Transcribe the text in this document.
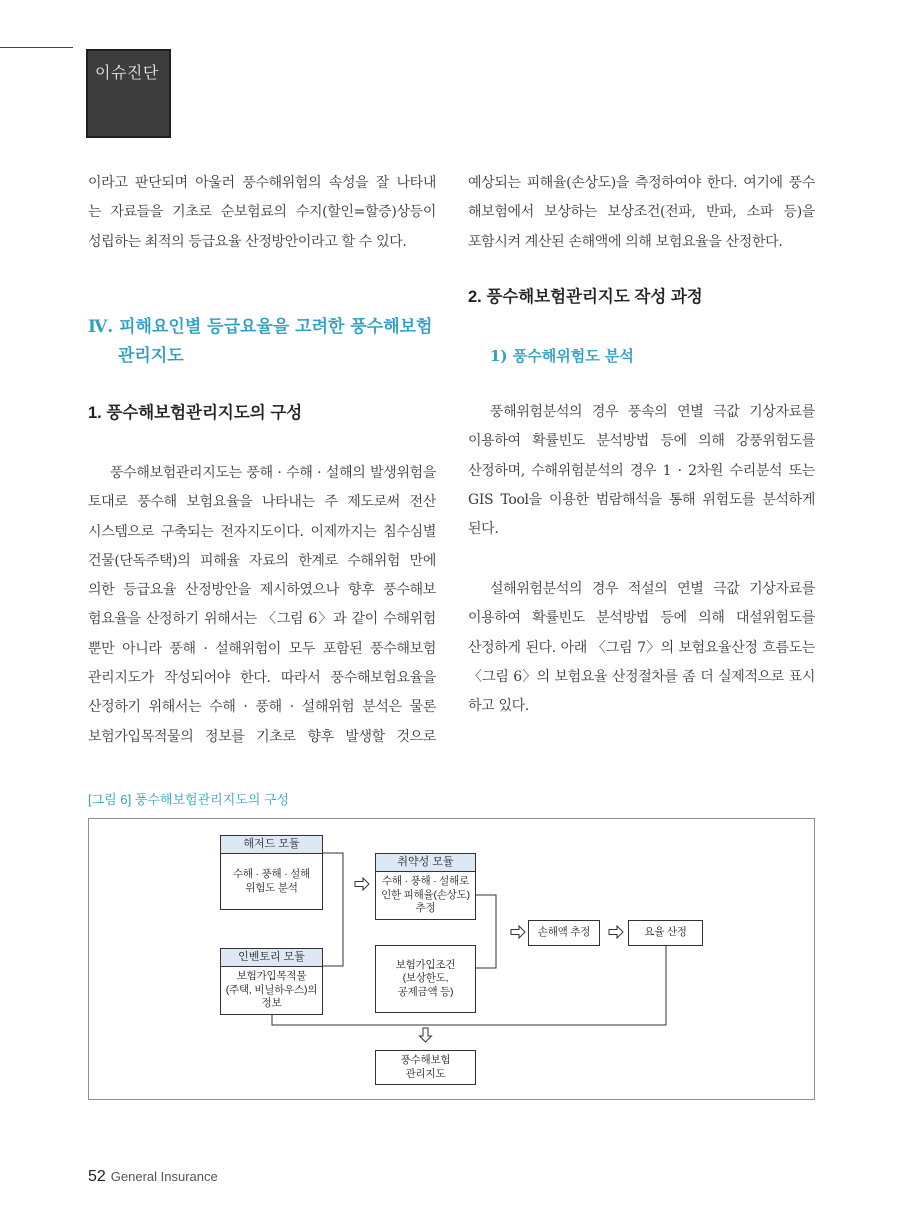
이슈진단
이라고 판단되며 아울러 풍수해위험의 속성을 잘 나타내
는 자료들을 기초로 순보험료의 수지(할인=할증)상등이
성립하는 최적의 등급요율 산정방안이라고 할 수 있다.
Ⅳ. 피해요인별 등급요율을 고려한 풍수해보험
관리지도
1. 풍수해보험관리지도의 구성
풍수해보험관리지도는 풍해 · 수해 · 설해의 발생위험을
토대로 풍수해 보험요율을 나타내는 주 제도로써 전산
시스템으로 구축되는 전자지도이다. 이제까지는 침수심별
건물(단독주택)의 피해율 자료의 한계로 수해위험 만에
의한 등급요율 산정방안을 제시하였으나 향후 풍수해보
험요율을 산정하기 위해서는 〈그림 6〉과 같이 수해위험
뿐만 아니라 풍해 · 설해위험이 모두 포함된 풍수해보험
관리지도가 작성되어야 한다. 따라서 풍수해보험요율을
산정하기 위해서는 수해 · 풍해 · 설해위험 분석은 물론
보험가입목적물의 정보를 기초로 향후 발생할 것으로
예상되는 피해율(손상도)을 측정하여야 한다. 여기에 풍수
해보험에서 보상하는 보상조건(전파, 반파, 소파 등)을
포함시켜 계산된 손해액에 의해 보험요율을 산정한다.
2. 풍수해보험관리지도 작성 과정
1) 풍수해위험도 분석
풍해위험분석의 경우 풍속의 연별 극값 기상자료를
이용하여 확률빈도 분석방법 등에 의해 강풍위험도를
산정하며, 수해위험분석의 경우 1 · 2차원 수리분석 또는
GIS Tool을 이용한 범람해석을 통해 위험도를 분석하게
된다.
설해위험분석의 경우 적설의 연별 극값 기상자료를
이용하여 확률빈도 분석방법 등에 의해 대설위험도를
산정하게 된다. 아래 〈그림 7〉의 보험요율산정 흐름도는
〈그림 6〉의 보험요율 산정절차를 좀 더 실제적으로 표시
하고 있다.
[그림 6] 풍수해보험관리지도의 구성
해저드 모듈
수해 · 풍해 · 설해
위험도 분석
취약성 모듈
수해 · 풍해 · 설해로
인한 피해율(손상도)
추정
인벤토리 모듈
보험가입목적물
(주택, 비닐하우스)의
정보
보험가입조건
(보상한도,
공제금액 등)
손해액 추정	요율 산정
풍수해보험
관리지도
52 General Insurance
